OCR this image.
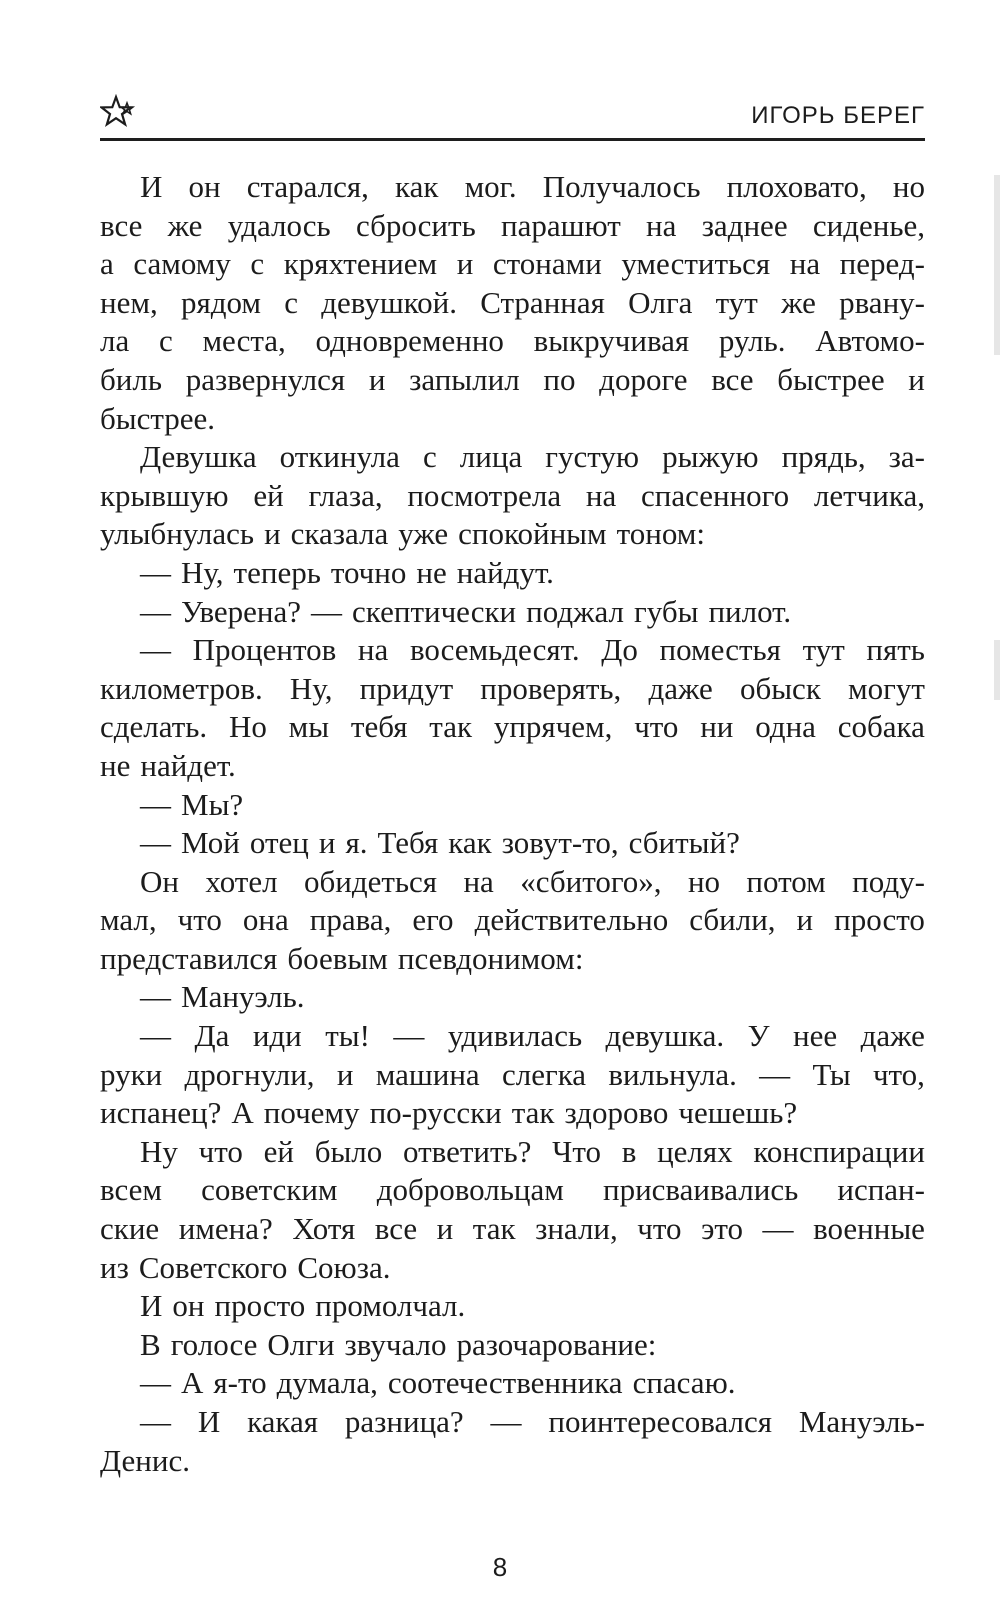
ИГОРЬ БЕРЕГ
И он старался, как мог. Получалось плоховато, но
все же удалось сбросить парашют на заднее сиденье,
а самому с кряхтением и стонами уместиться на перед-
нем, рядом с девушкой. Странная Олга тут же рвану-
ла с места, одновременно выкручивая руль. Автомо-
биль развернулся и запылил по дороге все быстрее и
быстрее.
Девушка откинула с лица густую рыжую прядь, за-
крывшую ей глаза, посмотрела на спасенного летчика,
улыбнулась и сказала уже спокойным тоном:
— Ну, теперь точно не найдут.
— Уверена? — скептически поджал губы пилот.
— Процентов на восемьдесят. До поместья тут пять
километров. Ну, придут проверять, даже обыск могут
сделать. Но мы тебя так упрячем, что ни одна собака
не найдет.
— Мы?
— Мой отец и я. Тебя как зовут-то, сбитый?
Он хотел обидеться на «сбитого», но потом поду-
мал, что она права, его действительно сбили, и просто
представился боевым псевдонимом:
— Мануэль.
— Да иди ты! — удивилась девушка. У нее даже
руки дрогнули, и машина слегка вильнула. — Ты что,
испанец? А почему по-русски так здорово чешешь?
Ну что ей было ответить? Что в целях конспирации
всем советским добровольцам присваивались испан-
ские имена? Хотя все и так знали, что это — военные
из Советского Союза.
И он просто промолчал.
В голосе Олги звучало разочарование:
— А я-то думала, соотечественника спасаю.
— И какая разница? — поинтересовался Мануэль-
Денис.
8
